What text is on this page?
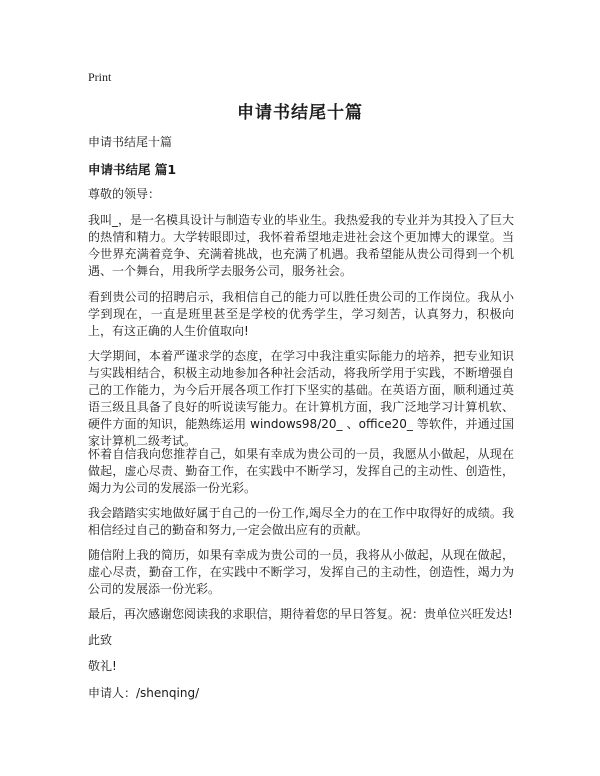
Print
申请书结尾十篇
申请书结尾十篇
申请书结尾 篇1

尊敬的领导：

我叫_，是一名模具设计与制造专业的毕业生。我热爱我的专业并为其投入了巨大的热情和精力。大学转眼即过，我怀着希望地走进社会这个更加博大的课堂。当今世界充满着竞争、充满着挑战，也充满了机遇。我希望能从贵公司得到一个机遇、一个舞台，用我所学去服务公司，服务社会。

看到贵公司的招聘启示，我相信自己的能力可以胜任贵公司的工作岗位。我从小学到现在，一直是班里甚至是学校的优秀学生，学习刻苦，认真努力，积极向上，有这正确的人生价值取向!

大学期间，本着严谨求学的态度，在学习中我注重实际能力的培养，把专业知识与实践相结合，积极主动地参加各种社会活动，将我所学用于实践，不断增强自己的工作能力，为今后开展各项工作打下坚实的基础。在英语方面，顺利通过英语三级且具备了良好的听说读写能力。在计算机方面，我广泛地学习计算机软、硬件方面的知识，能熟练运用 windows98/20_ 、office20_ 等软件，并通过国家计算机二级考试。

怀着自信我向您推荐自己，如果有幸成为贵公司的一员，我愿从小做起，从现在做起，虚心尽责、勤奋工作，在实践中不断学习，发挥自己的主动性、创造性，竭力为公司的发展添一份光彩。

我会踏踏实实地做好属于自己的一份工作,竭尽全力的在工作中取得好的成绩。我相信经过自己的勤奋和努力,一定会做出应有的贡献。

随信附上我的简历，如果有幸成为贵公司的一员，我将从小做起，从现在做起，虚心尽责，勤奋工作，在实践中不断学习，发挥自己的主动性，创造性，竭力为公司的发展添一份光彩。

最后，再次感谢您阅读我的求职信，期待着您的早日答复。祝：贵单位兴旺发达!

此致

敬礼!

申请人：/shenqing/
